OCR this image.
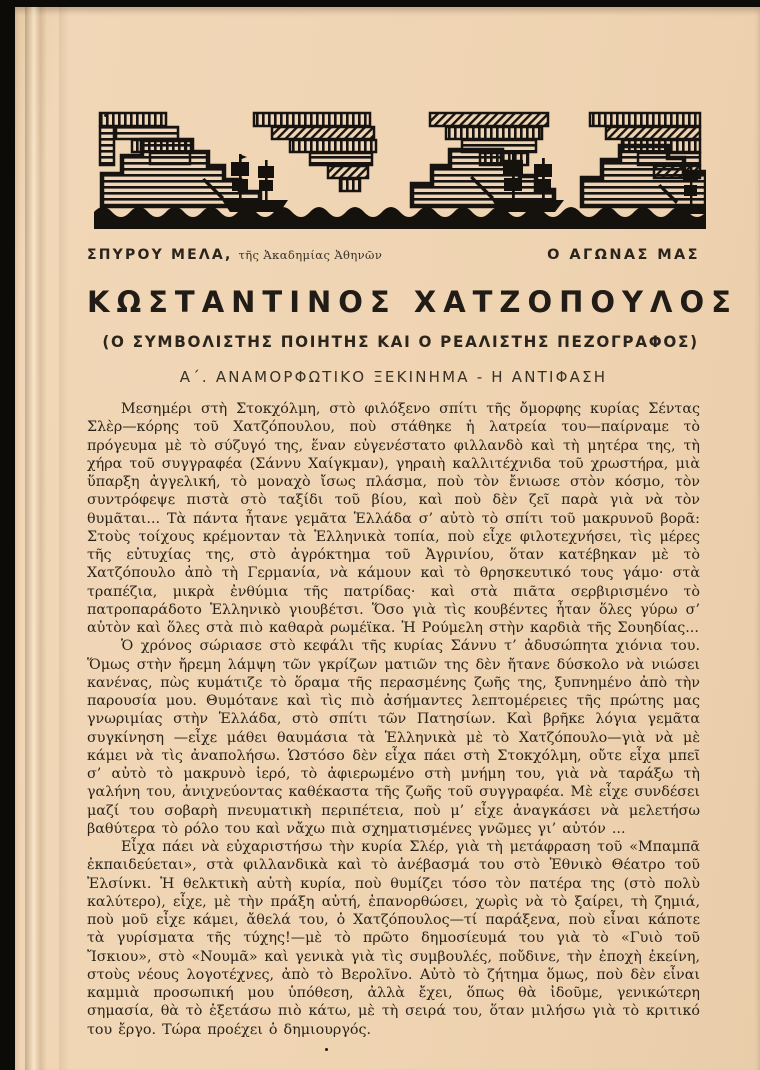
ΣΠΥΡΟΥ ΜΕΛΑ, τῆς Ἀκαδημίας Ἀθηνῶν	Ο ΑΓΩΝΑΣ ΜΑΣ
ΚΩΣΤΑΝΤΙΝΟΣ ΧΑΤΖΟΠΟΥΛΟΣ
(Ο ΣΥΜΒΟΛΙΣΤΗΣ ΠΟΙΗΤΗΣ ΚΑΙ Ο ΡΕΑΛΙΣΤΗΣ ΠΕΖΟΓΡΑΦΟΣ)
Α΄. ΑΝΑΜΟΡΦΩΤΙΚΟ ΞΕΚΙΝΗΜΑ - Η ΑΝΤΙΦΑΣΗ

Μεσημέρι στὴ Στοκχόλμη, στὸ φιλόξενο σπίτι τῆς ὄμορφης κυρίας Σέντας Σλὲρ—κόρης τοῦ Χατζόπουλου, ποὺ στάθηκε ἡ λατρεία του—παίρναμε τὸ πρόγευμα μὲ τὸ σύζυγό της, ἕναν εὐγενέστατο φιλλανδὸ καὶ τὴ μητέρα της, τὴ χήρα τοῦ συγγραφέα (Σάννυ Χαίγκμαν), γηραιὴ καλλιτέχνιδα τοῦ χρωστήρα, μιὰ ὕπαρξη ἀγγελική, τὸ μοναχὸ ἴσως πλάσμα, ποὺ τὸν ἔνιωσε στὸν κόσμο, τὸν συντρόφεψε πιστὰ στὸ ταξίδι τοῦ βίου, καὶ ποὺ δὲν ζεῖ παρὰ γιὰ νὰ τὸν θυμᾶται... Τὰ πάντα ἦτανε γεμᾶτα Ἑλλάδα σ’ αὐτὸ τὸ σπίτι τοῦ μακρυνοῦ βορᾶ: Στοὺς τοίχους κρέμονταν τὰ Ἑλληνικὰ τοπία, ποὺ εἶχε φιλοτεχνήσει, τὶς μέρες τῆς εὐτυχίας της, στὸ ἀγρόκτημα τοῦ Ἀγρινίου, ὅταν κατέβηκαν μὲ τὸ Χατζόπουλο ἀπὸ τὴ Γερμανία, νὰ κάμουν καὶ τὸ θρησκευτικό τους γάμο· στὰ τραπέζια, μικρὰ ἐνθύμια τῆς πατρίδας· καὶ στὰ πιᾶτα σερβιρισμένο τὸ πατροπαράδοτο Ἑλληνικὸ γιουβέτσι. Ὅσο γιὰ τὶς κουβέντες ἦταν ὅλες γύρω σ’ αὐτὸν καὶ ὅλες στὰ πιὸ καθαρὰ ρωμέϊκα. Ἡ Ρούμελη στὴν καρδιὰ τῆς Σουηδίας...

Ὁ χρόνος σώριασε στὸ κεφάλι τῆς κυρίας Σάννυ τ’ ἀδυσώπητα χιόνια του. Ὅμως στὴν ἤρεμη λάμψη τῶν γκρίζων ματιῶν της δὲν ἤτανε δύσκολο νὰ νιώσει κανένας, πὼς κυμάτιζε τὸ ὅραμα τῆς περασμένης ζωῆς της, ξυπνημένο ἀπὸ τὴν παρουσία μου. Θυμότανε καὶ τὶς πιὸ ἀσήμαντες λεπτομέρειες τῆς πρώτης μας γνωριμίας στὴν Ἑλλάδα, στὸ σπίτι τῶν Πατησίων. Καὶ βρῆκε λόγια γεμᾶτα συγκίνηση —εἶχε μάθει θαυμάσια τὰ Ἑλληνικὰ μὲ τὸ Χατζόπουλο—γιὰ νὰ μὲ κάμει νὰ τὶς ἀναπολήσω. Ὡστόσο δὲν εἶχα πάει στὴ Στοκχόλμη, οὔτε εἶχα μπεῖ σ’ αὐτὸ τὸ μακρυνὸ ἱερό, τὸ ἀφιερωμένο στὴ μνήμη του, γιὰ νὰ ταράξω τὴ γαλήνη του, ἀνιχνεύοντας καθέκαστα τῆς ζωῆς τοῦ συγγραφέα. Μὲ εἶχε συνδέσει μαζί του σοβαρὴ πνευματικὴ περιπέτεια, ποὺ μ’ εἶχε ἀναγκάσει νὰ μελετήσω βαθύτερα τὸ ρόλο του καὶ νἄχω πιὰ σχηματισμένες γνῶμες γι’ αὐτόν ...

Εἶχα πάει νὰ εὐχαριστήσω τὴν κυρία Σλέρ, γιὰ τὴ μετάφραση τοῦ «Μπαμπᾶ ἐκπαιδεύεται», στὰ φιλλανδικὰ καὶ τὸ ἀνέβασμά του στὸ Ἐθνικὸ Θέατρο τοῦ Ἐλσίνκι. Ἡ θελκτικὴ αὐτὴ κυρία, ποὺ θυμίζει τόσο τὸν πατέρα της (στὸ πολὺ καλύτερο), εἶχε, μὲ τὴν πράξη αὐτή, ἐπανορθώσει, χωρὶς νὰ τὸ ξαίρει, τὴ ζημιά, ποὺ μοῦ εἶχε κάμει, ἄθελά του, ὁ Χατζόπουλος—τί παράξενα, ποὺ εἶναι κάποτε τὰ γυρίσματα τῆς τύχης!—μὲ τὸ πρῶτο δημοσίευμά του γιὰ τὸ «Γυιὸ τοῦ Ἴσκιου», στὸ «Νουμᾶ» καὶ γενικὰ γιὰ τὶς συμβουλές, ποὔδινε, τὴν ἐποχὴ ἐκείνη, στοὺς νέους λογοτέχνες, ἀπὸ τὸ Βερολῖνο. Αὐτὸ τὸ ζήτημα ὅμως, ποὺ δὲν εἶναι καμμιὰ προσωπική μου ὑπόθεση, ἀλλὰ ἔχει, ὅπως θὰ ἰδοῦμε, γενικώτερη σημασία, θὰ τὸ ἐξετάσω πιὸ κάτω, μὲ τὴ σειρά του, ὅταν μιλήσω γιὰ τὸ κριτικό του ἔργο. Τώρα προέχει ὁ δημιουργός.
